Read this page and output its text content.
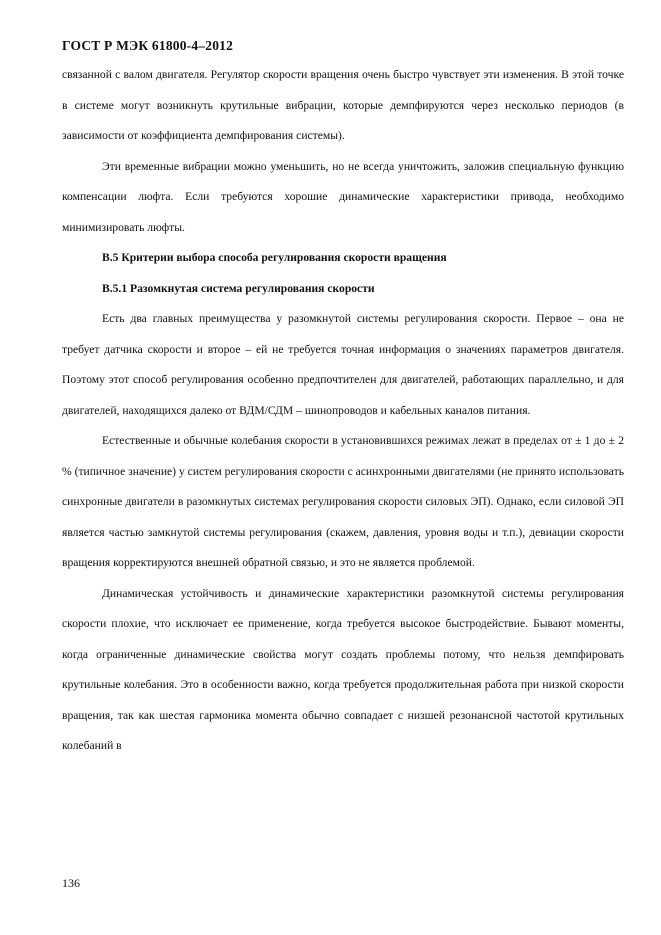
ГОСТ Р МЭК 61800-4–2012

связанной с валом двигателя. Регулятор скорости вращения очень быстро чувствует эти изменения. В этой точке в системе могут возникнуть крутильные вибрации, которые демпфируются через несколько периодов (в зависимости от коэффициента демпфирования системы).

Эти временные вибрации можно уменьшить, но не всегда уничтожить, заложив специальную функцию компенсации люфта. Если требуются хорошие динамические характеристики привода, необходимо минимизировать люфты.

В.5 Критерии выбора способа регулирования скорости вращения

В.5.1 Разомкнутая система регулирования скорости

Есть два главных преимущества у разомкнутой системы регулирования скорости. Первое – она не требует датчика скорости и второе – ей не требуется точная информация о значениях параметров двигателя. Поэтому этот способ регулирования особенно предпочтителен для двигателей, работающих параллельно, и для двигателей, находящихся далеко от ВДМ/СДМ – шинопроводов и кабельных каналов питания.

Естественные и обычные колебания скорости в установившихся режимах лежат в пределах от ± 1 до ± 2 % (типичное значение) у систем регулирования скорости с асинхронными двигателями (не принято использовать синхронные двигатели в разомкнутых системах регулирования скорости силовых ЭП). Однако, если силовой ЭП является частью замкнутой системы регулирования (скажем, давления, уровня воды и т.п.), девиации скорости вращения корректируются внешней обратной связью, и это не является проблемой.

Динамическая устойчивость и динамические характеристики разомкнутой системы регулирования скорости плохие, что исключает ее применение, когда требуется высокое быстродействие. Бывают моменты, когда ограниченные динамические свойства могут создать проблемы потому, что нельзя демпфировать крутильные колебания. Это в особенности важно, когда требуется продолжительная работа при низкой скорости вращения, так как шестая гармоника момента обычно совпадает с низшей резонансной частотой крутильных колебаний в

136
